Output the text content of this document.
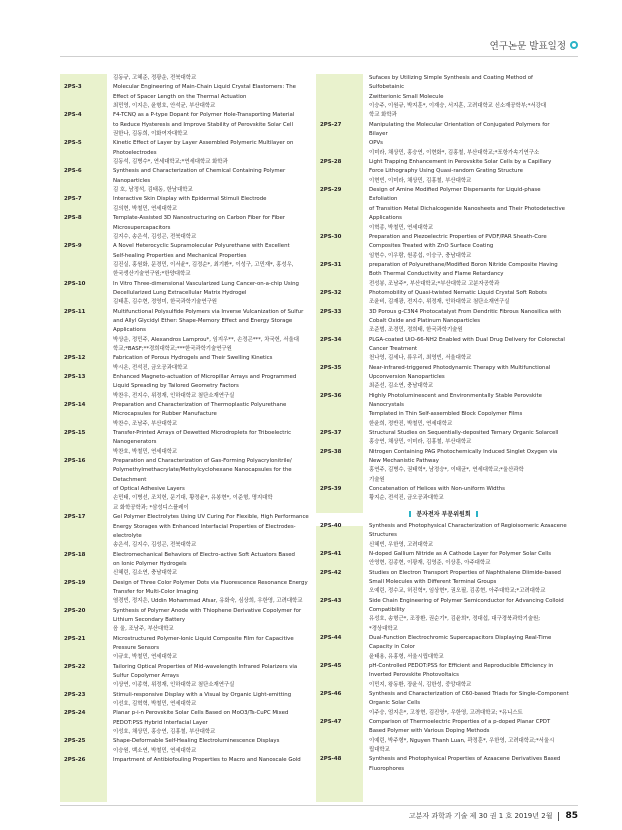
연구논문 발표일정
김동규, 고혜준, 정광운, 전북대학교
2PS-3	Molecular Engineering of Main-Chain Liquid Crystal Elastomers: The
Effect of Spacer Length on the Thermal Actuation
최민영, 이지은, 윤형호, 안석균, 부산대학교
2PS-4	F4-TCNQ as a P-type Dopant for Polymer Hole-Transporting Material
to Reduce Hysteresis and Improve Stability of Perovskite Solar Cell
권한나, 김동희, 이화여자대학교
2PS-5	Kinetic Effect of Layer by Layer Assembled Polymeric Multilayer on
Photoelectrodes
김동석, 김병수*, 연세대학교;*연세대학교 화학과
2PS-6	Synthesis and Characterization of Chemical Containing Polymer Nanoparticles
김 호, 남정석, 김태동, 한남대학교
2PS-7	Interactive Skin Display with Epidermal Stimuli Electrode
김의현, 박철민, 연세대학교
2PS-8	Template-Assisted 3D Nanostructuring on Carbon Fiber for Fiber
Microsupercapacitors
김지수, 송은석, 김성곤, 전북대학교
2PS-9	A Novel Heterocyclic Supramolecular Polyurethane with Excellent
Self-healing Properties and Mechanical Properties
김진실, 홍원화, 문경민, 이서윤*, 김정순*, 최기환*, 이성구, 고민재*, 홍성우,
한국생산기술연구원;*한양대학교
2PS-10	In Vitro Three-dimensional Vascularized Lung Cancer-on-a-chip Using
Decellularized Lung Extracellular Matrix Hydrogel
김태훈, 김수현, 정영미, 한국과학기술연구원
2PS-11	Multifunctional Polysulfide Polymers via Inverse Vulcanization of Sulfur
and Allyl Glycidyl Ether: Shape-Memory Effect and Energy Storage
Applications
박상운, 정민주, Alexandros Lamprou*, 임지우**, 손정곤***, 차국헌, 서울대
학교;*BASF;**경희대학교;***한국과학기술연구원
2PS-12	Fabrication of Porous Hydrogels and Their Swelling Kinetics
박시온, 전석진, 금오공과대학교
2PS-13	Enhanced Magneto-actuation of Micropillar Arrays and Programmed
Liquid Spreading by Tailored Geometry Factors
박찬우, 전지수, 위정재, 인하대학교 첨단소재연구실
2PS-14	Preparation and Characterization of Thermoplastic Polyurethane
Microcapsules for Rubber Manufacture
박찬수, 조남주, 부산대학교
2PS-15	Transfer-Printed Arrays of Dewetted Microdroplets for Triboelectric
Nanogenerators
박찬호, 박철민, 연세대학교
2PS-16	Preparation and Characterization of Gas-Forming Polyacrylonitrile/
Polymethylmethacrylate/Methylcyclohexane Nanocapsules for the Detachment
of Optical Adhesive Layers
손민태, 이병선, 조치헌, 문기대, 황정윤*, 유봉현*, 이준형, 명지대학
교 화학공학과; *삼성디스플레이
2PS-17	Gel Polymer Electrolytes Using UV Curing For Flexible, High Performance
Energy Storages with Enhanced Interfacial Properties of Electrodes-
electrolyte
송은석, 김지수, 김성곤, 전북대학교
2PS-18	Electromechanical Behaviors of Electro-active Soft Actuators Based
on Ionic Polymer Hydrogels
신혜린, 김소연, 충남대학교
2PS-19	Design of Three Color Polymer Dots via Fluorescence Resonance Energy
Transfer for Multi-Color Imaging
염경빈, 정지은, Uddin Mohammad Afsar, 유화숙, 심상희, 우한영, 고려대학교
2PS-20	Synthesis of Polymer Anode with Thiophene Derivative Copolymer for
Lithium Secondary Battery
음 울, 조남주, 부산대학교
2PS-21	Microstructured Polymer-Ionic Liquid Composite Film for Capacitive
Pressure Sensors
이규호, 박철민, 연세대학교
2PS-22	Tailoring Optical Properties of Mid-wavelength Infrared Polarizers via
Sulfur Copolymer Arrays
이상연, 이종혁, 위정재, 인하대학교 첨단소재연구실
2PS-23	Stimuli-responsive Display with a Visual by Organic Light-emitting
이선호, 김혁혁, 박철민, 연세대학교
2PS-24	Planar p-i-n Perovskite Solar Cells Based on MoO3/Ts-CuPC Mixed
PEDOT:PSS Hybrid Interfacial Layer
이성호, 채상민, 홍승연, 김홍철, 부산대학교
2PS-25	Shape-Deformable Self-Healing Electroluminescence Displays
이승원, 백소연, 박철민, 연세대학교
2PS-26	Impartment of Antibiofouling Properties to Macro and Nanoscale Gold
Sufaces by Utilizing Simple Synthesis and Coating Method of Sulfobetainic
Zwitterionic Small Molecule
이승주, 이원규, 박지훈*, 이재승, 서지훈, 고려대학교 신소재공학부;*서강대
학교 화학과
2PS-27	Manipulating the Molecular Orientation of Conjugated Polymers for Bilayer
OPVs
이미라, 채상민, 홍승연, 이현화*, 김홍철, 부산대학교;*포항가속기연구소
2PS-28	Light Trapping Enhancement in Perovskite Solar Cells by a Capillary
Force Lithography Using Quasi-random Grating Structure
이현빈, 이미라, 채상민, 김홍철, 부산대학교
2PS-29	Design of Amine Modified Polymer Dispersants for Liquid-phase Exfoliation
of Transition Metal Dichalcogenide Nanosheets and Their Photodetective
Applications
이혁종, 박철민, 연세대학교
2PS-30	Preparation and Piezoelectric Properties of PVDF/PAR Sheath-Core
Composites Treated with ZnO Surface Coating
임현수, 이우람, 원종섭, 이승구, 충남대학교
2PS-31	preparation of Polyurethane/Modified Boron Nitride Composite Having
Both Thermal Conductivity and Flame Retardancy
전성봉, 조남주*, 부산대학교;*부산대학교 고분자공학과
2PS-32	Photomobility of Quasi-twisted Nematic Liquid Crystal Soft Robots
조윤비, 김재광, 전지수, 위정재, 인하대학교 첨단소재연구실
2PS-33	3D Porous g-C3N4 Photocatalyst From Dendritic Fibrous Nanosilica with
Cobalt Oxide and Platinum Nanoparticles
조준범, 조경민, 정희태, 한국과학기술원
2PS-34	PLGA-coated UiO-66-NH2 Enabled with Dual Drug Delivery for Colorectal
Cancer Treatment
천나영, 김세나, 류우리, 최영빈, 서울대학교
2PS-35	Near-infrared-triggered Photodynamic Therapy with Multifunctional
Upconversion Nanoparticles
최준선, 김소연, 충남대학교
2PS-36	Highly Photoluminescent and Environmentally Stable Perovskite Nanocrystals
Templated in Thin Self-assembled Block Copolymer Films
한윤희, 정반진, 박철민, 연세대학교
2PS-37	Structural Studies on Sequentially-deposited Ternary Organic Solarcell
홍승연, 채상민, 이미라, 김홍철, 부산대학교
2PS-38	Nitrogen Containing PAG Photochemically Induced Singlet Oxygen via
New Mechanistic Pathway
홍연주, 김병수, 권태혁*, 남정승*, 이태균*, 연세대학교;*울산과학
기술원
2PS-39	Concatenation of Helices with Non-uniform Widths
황지순, 전석진, 금오공과대학교
분자전자 부문위원회
2PS-40	Synthesis and Photophysical Characterization of Regioisomeric Azaacene
Structures
신혜빈, 우한영, 고려대학교
2PS-41	N-doped Gallium Nitride as A Cathode Layer for Polymer Solar Cells
안영현, 김종현, 이광재, 김영준, 이상훈, 아주대학교
2PS-42	Studies on Electron Transport Properties of Naphthalene Diimide-based
Small Molecules with Different Terminal Groups
오예린, 정수교, 허진혁*, 임상현*, 권오필, 김종현, 아주대학교;*고려대학교
2PS-43	Side Chain Engineering of Polymer Semiconductor for Advancing Colloid
Compatibility
유성호, 송형근*, 조장환, 권순기*, 김윤희*, 정대섭, 대구경북과학기술원;
*경상대학교
2PS-44	Dual-Function Electrochromic Supercapacitors Displaying Real-Time
Capacity in Color
윤태용, 유홍형, 서울시립대학교
2PS-45	pH-Controlled PEDOT:PSS for Efficient and Reproducible Efficiency in
Inverted Perovskite Photovoltaics
이민지, 왕동환, 장윤식, 김한성, 중앙대학교
2PS-46	Synthesis and Characterization of C60-based Triads for Single-Component
Organic Solar Cells
이주승, 엄지은*, 고창현, 김진영*, 우한영, 고려대학교; *유니스트
2PS-47	Comparison of Thermoelectric Properties of a p-doped Planar CPDT
Based Polymer with Various Doping Methods
이예린, 박주형*, Nguyen Thanh Luan, 곽정훈*, 우한영, 고려대학교;*서울시
립대학교
2PS-48	Synthesis and Photophysical Properties of Azaacene Derivatives Based
Fluorophores
고분자 과학과 기술 제 30 권 1 호 2019년 2월 85
